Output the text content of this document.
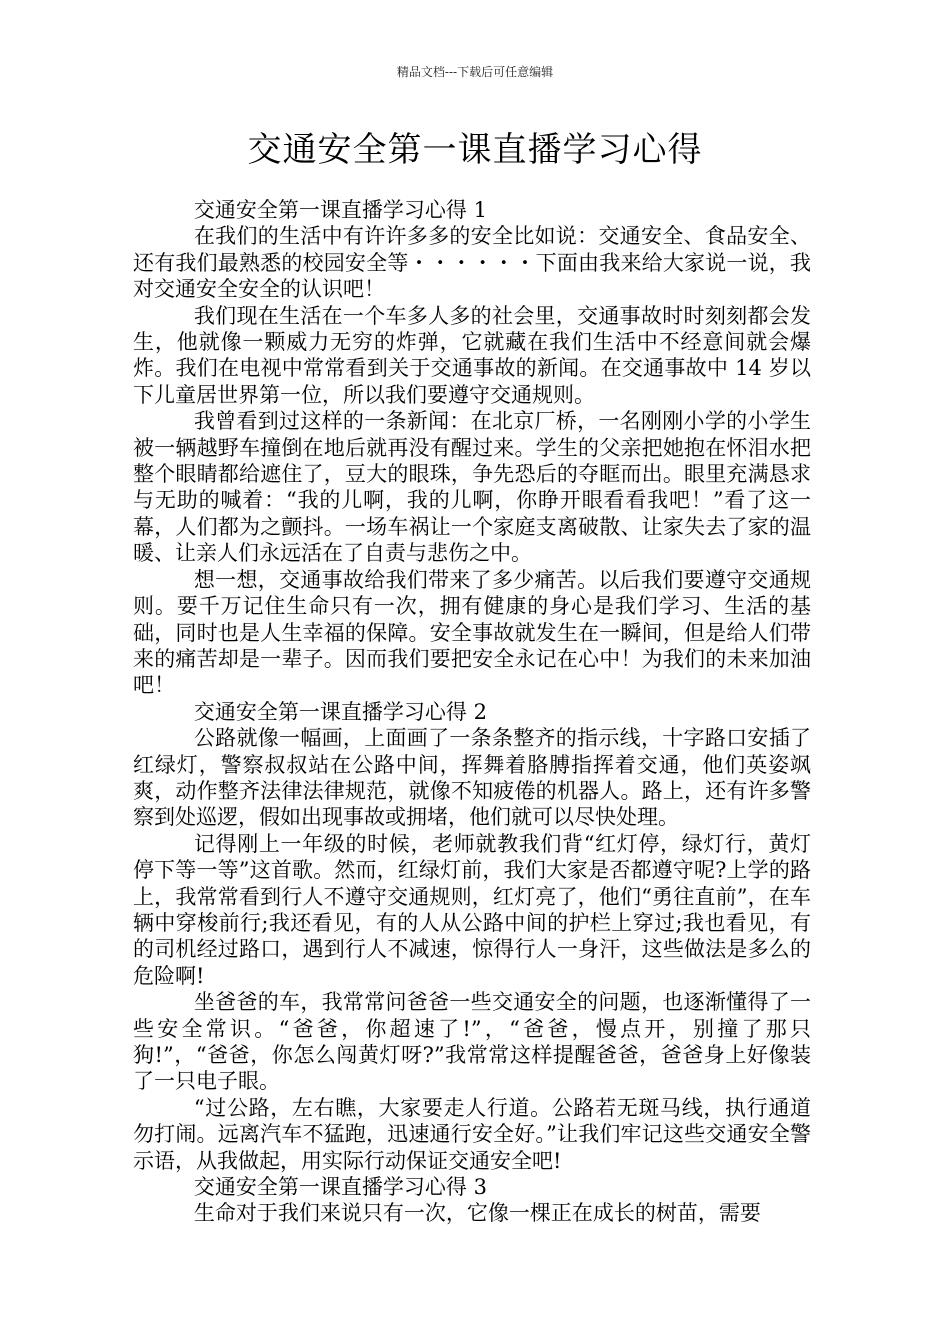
精品文档---下载后可任意编辑
交通安全第一课直播学习心得

交通安全第一课直播学习心得 1

在我们的生活中有许许多多的安全比如说：交通安全、食品安全、还有我们最熟悉的校园安全等・・・・・・下面由我来给大家说一说，我对交通安全安全的认识吧！

我们现在生活在一个车多人多的社会里，交通事故时时刻刻都会发生，他就像一颗威力无穷的炸弹，它就藏在我们生活中不经意间就会爆炸。我们在电视中常常看到关于交通事故的新闻。在交通事故中 14 岁以下儿童居世界第一位，所以我们要遵守交通规则。

我曾看到过这样的一条新闻：在北京厂桥，一名刚刚小学的小学生被一辆越野车撞倒在地后就再没有醒过来。学生的父亲把她抱在怀泪水把整个眼睛都给遮住了，豆大的眼珠，争先恐后的夺眶而出。眼里充满恳求与无助的喊着：“我的儿啊，我的儿啊，你睁开眼看看我吧！”看了这一幕，人们都为之颤抖。一场车祸让一个家庭支离破散、让家失去了家的温暖、让亲人们永远活在了自责与悲伤之中。

想一想，交通事故给我们带来了多少痛苦。以后我们要遵守交通规则。要千万记住生命只有一次，拥有健康的身心是我们学习、生活的基础，同时也是人生幸福的保障。安全事故就发生在一瞬间，但是给人们带来的痛苦却是一辈子。因而我们要把安全永记在心中！为我们的未来加油吧！

交通安全第一课直播学习心得 2

公路就像一幅画，上面画了一条条整齐的指示线，十字路口安插了红绿灯，警察叔叔站在公路中间，挥舞着胳膊指挥着交通，他们英姿飒爽，动作整齐法律法律规范，就像不知疲倦的机器人。路上，还有许多警察到处巡逻，假如出现事故或拥堵，他们就可以尽快处理。

记得刚上一年级的时候，老师就教我们背“红灯停，绿灯行，黄灯停下等一等”这首歌。然而，红绿灯前，我们大家是否都遵守呢?上学的路上，我常常看到行人不遵守交通规则，红灯亮了，他们“勇往直前”，在车辆中穿梭前行;我还看见，有的人从公路中间的护栏上穿过;我也看见，有的司机经过路口，遇到行人不减速，惊得行人一身汗，这些做法是多么的危险啊!

坐爸爸的车，我常常问爸爸一些交通安全的问题，也逐渐懂得了一些安全常识。“爸爸，你超速了!”，“爸爸，慢点开，别撞了那只狗!”，“爸爸，你怎么闯黄灯呀?”我常常这样提醒爸爸，爸爸身上好像装了一只电子眼。

“过公路，左右瞧，大家要走人行道。公路若无斑马线，执行通道勿打闹。远离汽车不猛跑，迅速通行安全好。”让我们牢记这些交通安全警示语，从我做起，用实际行动保证交通安全吧!

交通安全第一课直播学习心得 3

生命对于我们来说只有一次，它像一棵正在成长的树苗，需要
